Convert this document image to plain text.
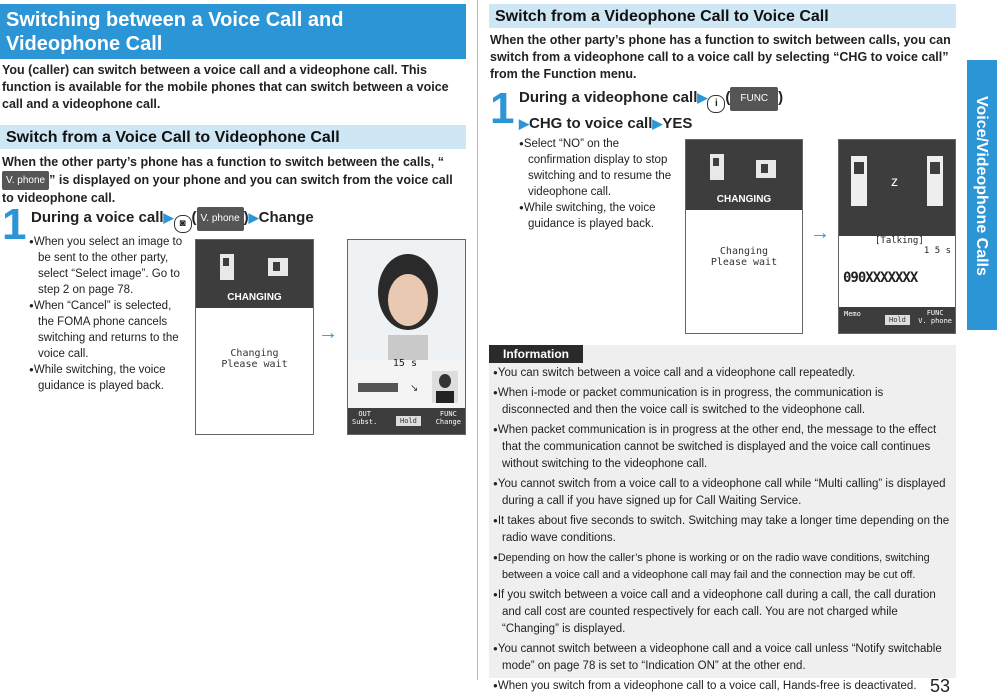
Switching between a Voice Call and Videophone Call
You (caller) can switch between a voice call and a videophone call. This function is available for the mobile phones that can switch between a voice call and a videophone call.
Switch from a Voice Call to Videophone Call
When the other party’s phone has a function to switch between the calls, “V. phone ” is displayed on your phone and you can switch from the voice call to videophone call.
1 During a voice call▶ ◙ ( V. phone )▶Change

●When you select an image to be sent to the other party, select “Select image”. Go to step 2 on page 78.

●When “Cancel” is selected, the FOMA phone cancels switching and returns to the voice call.

●While switching, the voice guidance is played back.

CHANGING
Changing
Please wait
→
15 s
↘
OUT
Subst.	Hold
FUNC
Change
Switch from a Videophone Call to Voice Call
When the other party’s phone has a function to switch between calls, you can switch from a videophone call to a voice call by selecting “CHG to voice call” from the Function menu.
1 During a videophone call▶ i ( FUNC )
▶CHG to voice call▶YES

●Select “NO” on the confirmation display to stop switching and to resume the videophone call.

●While switching, the voice guidance is played back.

CHANGING
Changing
Please wait
→
z
[Talking]
1 5 s
090XXXXXXX
Memo
Hold
FUNC
V. phone
Information

●You can switch between a voice call and a videophone call repeatedly.

●When i-mode or packet communication is in progress, the communication is disconnected and then the voice call is switched to the videophone call.

●When packet communication is in progress at the other end, the message to the effect that the communication cannot be switched is displayed and the voice call continues without switching to the videophone call.

●You cannot switch from a voice call to a videophone call while “Multi calling” is displayed during a call if you have signed up for Call Waiting Service.

●It takes about five seconds to switch. Switching may take a longer time depending on the radio wave conditions.

●Depending on how the caller’s phone is working or on the radio wave conditions, switching between a voice call and a videophone call may fail and the connection may be cut off.

●If you switch between a voice call and a videophone call during a call, the call duration and call cost are counted respectively for each call. You are not charged while “Changing” is displayed.

●You cannot switch between a videophone call and a voice call unless “Notify switchable mode” on page 78 is set to “Indication ON” at the other end.

●When you switch from a videophone call to a voice call, Hands-free is deactivated.

Voice/Videophone Calls
53
